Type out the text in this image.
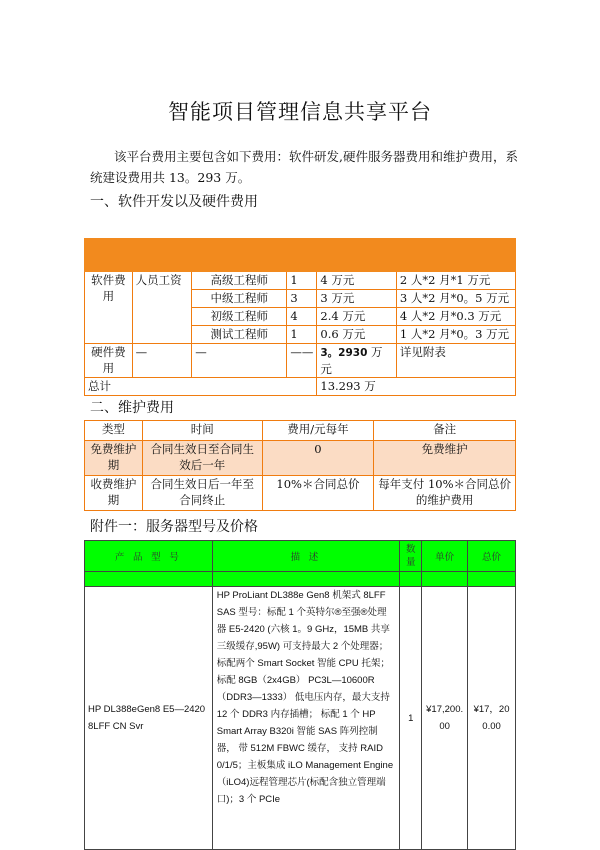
智能项目管理信息共享平台
该平台费用主要包含如下费用：软件研发,硬件服务器费用和维护费用，系统建设费用共 13。293 万。
一、软件开发以及硬件费用

软件费用	人员工资	高级工程师	1	4 万元	2 人*2 月*1 万元
		中级工程师	3	3 万元	3 人*2 月*0。5 万元
		初级工程师	4	2.4 万元	4 人*2 月*0.3 万元
		测试工程师	1	0.6 万元	1 人*2 月*0。3 万元
硬件费用	—	—	——	3。2930 万元	详见附表
总计				13.293 万	
二、维护费用
类型	时间	费用/元每年	备注
免费维护期	合同生效日至合同生效后一年	0	免费维护
收费维护期	合同生效日后一年至合同终止	10%＊合同总价	每年支付 10%＊合同总价的维护费用
附件一：服务器型号及价格
产 品 型 号	描 述	数量	单价	总价

HP DL388eGen8 E5—2420 8LFF CN Svr	HP ProLiant DL388e Gen8 机架式 8LFF SAS 型号：标配 1 个英特尔®至强®处理器 E5-2420 (六核 1。9 GHz，15MB 共享三级缓存,95W) 可支持最大 2 个处理器；标配两个 Smart Socket 智能 CPU 托架；标配 8GB（2x4GB） PC3L—10600R（DDR3—1333） 低电压内存，最大支持 12 个 DDR3 内存插槽； 标配 1 个 HP Smart Array B320i 智能 SAS 阵列控制器， 带 512M FBWC 缓存， 支持 RAID 0/1/5；主板集成 iLO Management Engine （iLO4)远程管理芯片(标配含独立管理端口)；3 个 PCIe	1	¥17,200.00	¥17，200.00
